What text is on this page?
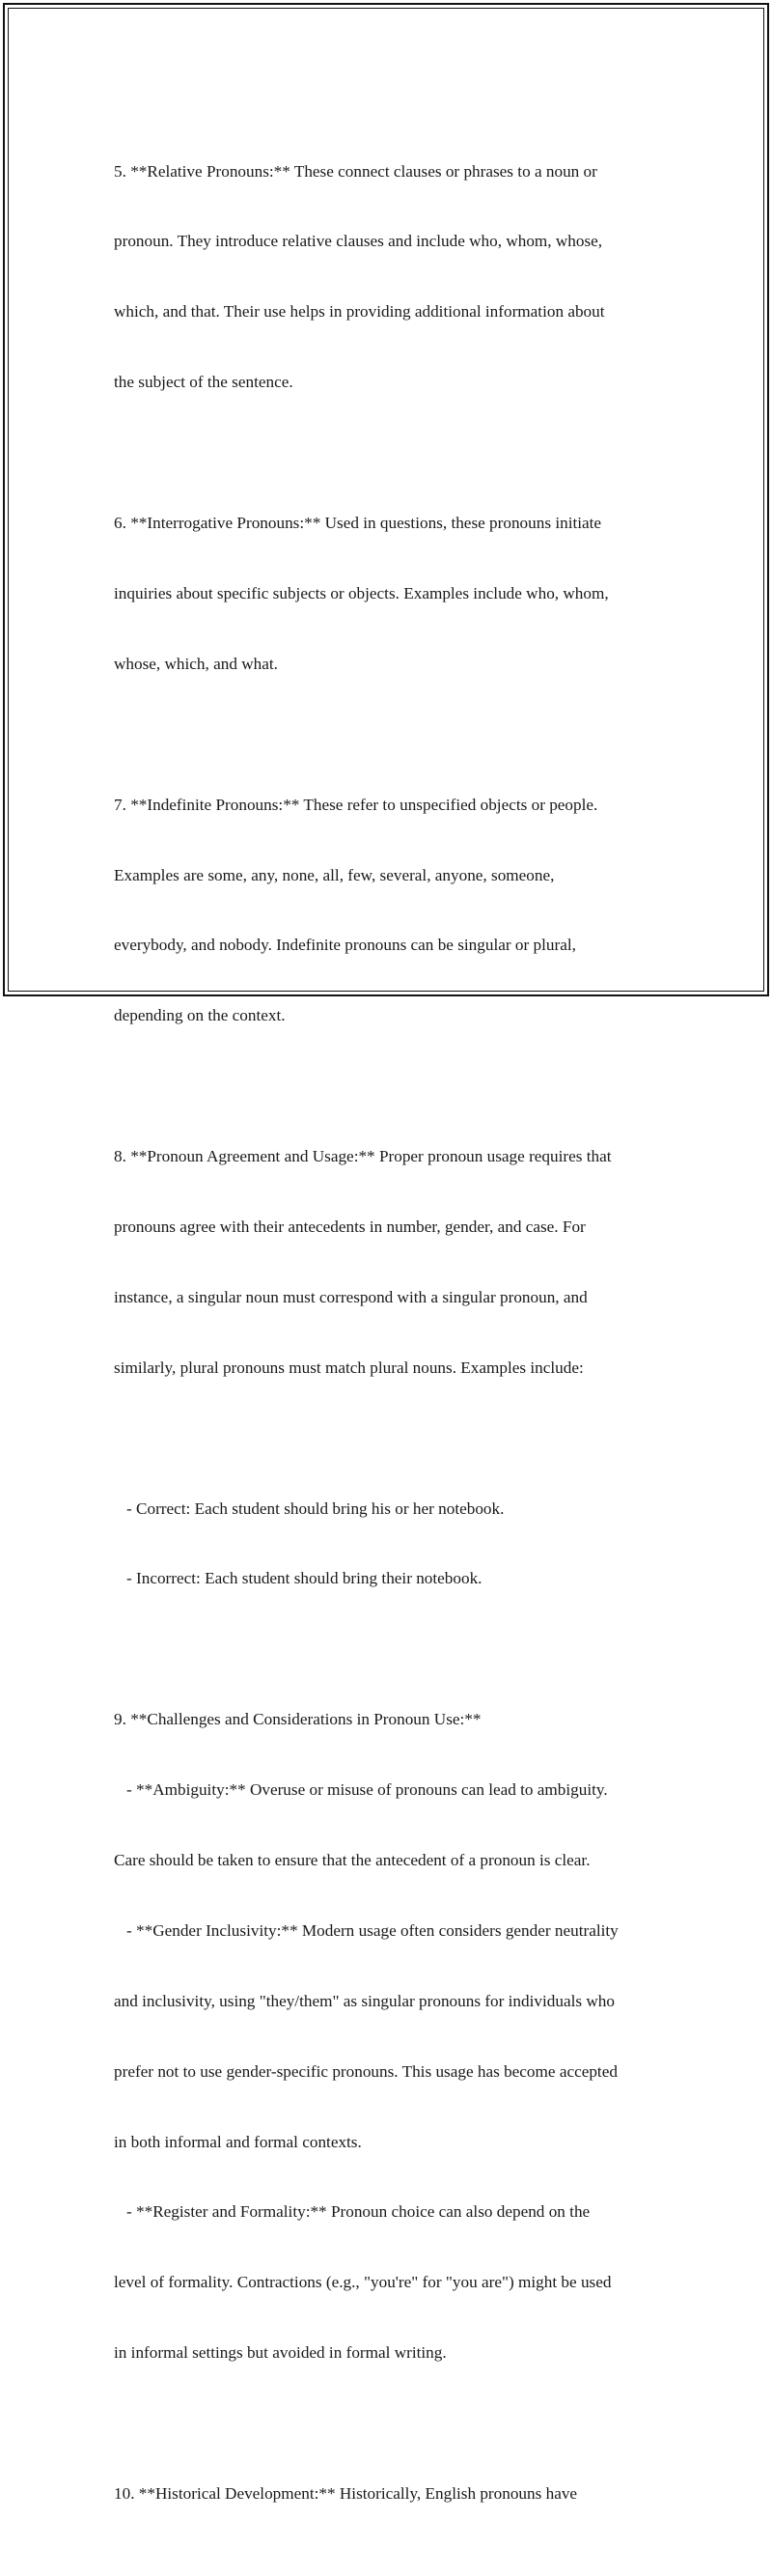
5. **Relative Pronouns:** These connect clauses or phrases to a noun or

pronoun. They introduce relative clauses and include who, whom, whose,

which, and that. Their use helps in providing additional information about

the subject of the sentence.

6. **Interrogative Pronouns:** Used in questions, these pronouns initiate

inquiries about specific subjects or objects. Examples include who, whom,

whose, which, and what.

7. **Indefinite Pronouns:** These refer to unspecified objects or people.

Examples are some, any, none, all, few, several, anyone, someone,

everybody, and nobody. Indefinite pronouns can be singular or plural,

depending on the context.

8. **Pronoun Agreement and Usage:** Proper pronoun usage requires that

pronouns agree with their antecedents in number, gender, and case. For

instance, a singular noun must correspond with a singular pronoun, and

similarly, plural pronouns must match plural nouns. Examples include:

- Correct: Each student should bring his or her notebook.

- Incorrect: Each student should bring their notebook.

9. **Challenges and Considerations in Pronoun Use:**

- **Ambiguity:** Overuse or misuse of pronouns can lead to ambiguity.

Care should be taken to ensure that the antecedent of a pronoun is clear.

- **Gender Inclusivity:** Modern usage often considers gender neutrality

and inclusivity, using "they/them" as singular pronouns for individuals who

prefer not to use gender-specific pronouns. This usage has become accepted

in both informal and formal contexts.

- **Register and Formality:** Pronoun choice can also depend on the

level of formality. Contractions (e.g., "you're" for "you are") might be used

in informal settings but avoided in formal writing.

10. **Historical Development:** Historically, English pronouns have
